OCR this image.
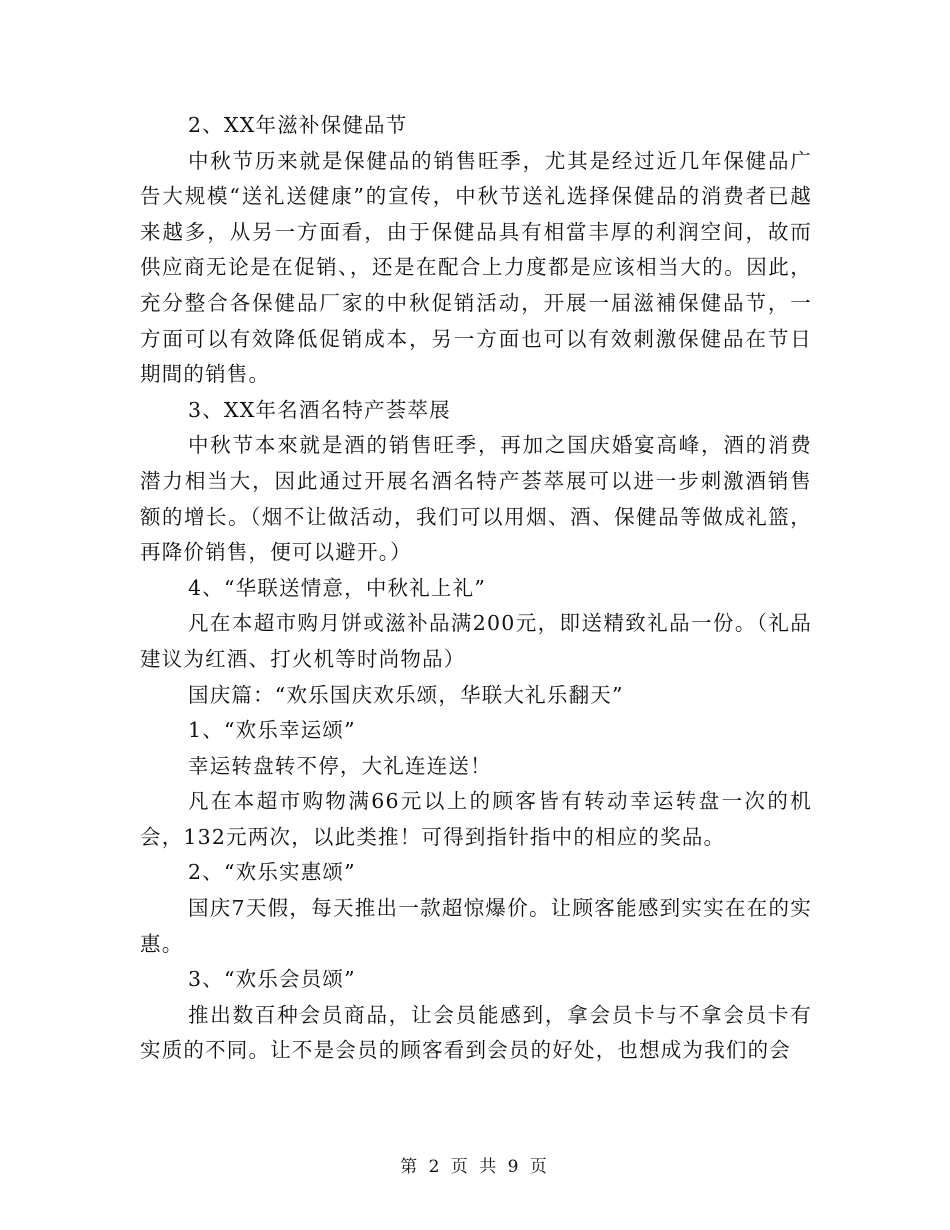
2、XX年滋补保健品节

中秋节历来就是保健品的销售旺季，尤其是经过近几年保健品广告大规模“送礼送健康”的宣传，中秋节送礼选择保健品的消费者已越来越多，从另一方面看，由于保健品具有相當丰厚的利润空间，故而供应商无论是在促销、，还是在配合上力度都是应该相当大的。因此，充分整合各保健品厂家的中秋促销活动，开展一届滋補保健品节，一方面可以有效降低促销成本，另一方面也可以有效刺激保健品在节日期間的销售。

3、XX年名酒名特产荟萃展

中秋节本來就是酒的销售旺季，再加之国庆婚宴高峰，酒的消费潜力相当大，因此通过开展名酒名特产荟萃展可以进一步刺激酒销售额的增长。（烟不让做活动，我们可以用烟、酒、保健品等做成礼篮，再降价销售，便可以避开。）

4、“华联送情意，中秋礼上礼”

凡在本超市购月饼或滋补品满200元，即送精致礼品一份。（礼品建议为红酒、打火机等时尚物品）

国庆篇：“欢乐国庆欢乐颂，华联大礼乐翻天”

1、“欢乐幸运颂”

幸运转盘转不停，大礼连连送！

凡在本超市购物满66元以上的顾客皆有转动幸运转盘一次的机会，132元两次，以此类推！可得到指针指中的相应的奖品。

2、“欢乐实惠颂”

国庆7天假，每天推出一款超惊爆价。让顾客能感到实实在在的实惠。

3、“欢乐会员颂”

推出数百种会员商品，让会员能感到，拿会员卡与不拿会员卡有实质的不同。让不是会员的顾客看到会员的好处，也想成为我们的会

第 2 页 共 9 页
